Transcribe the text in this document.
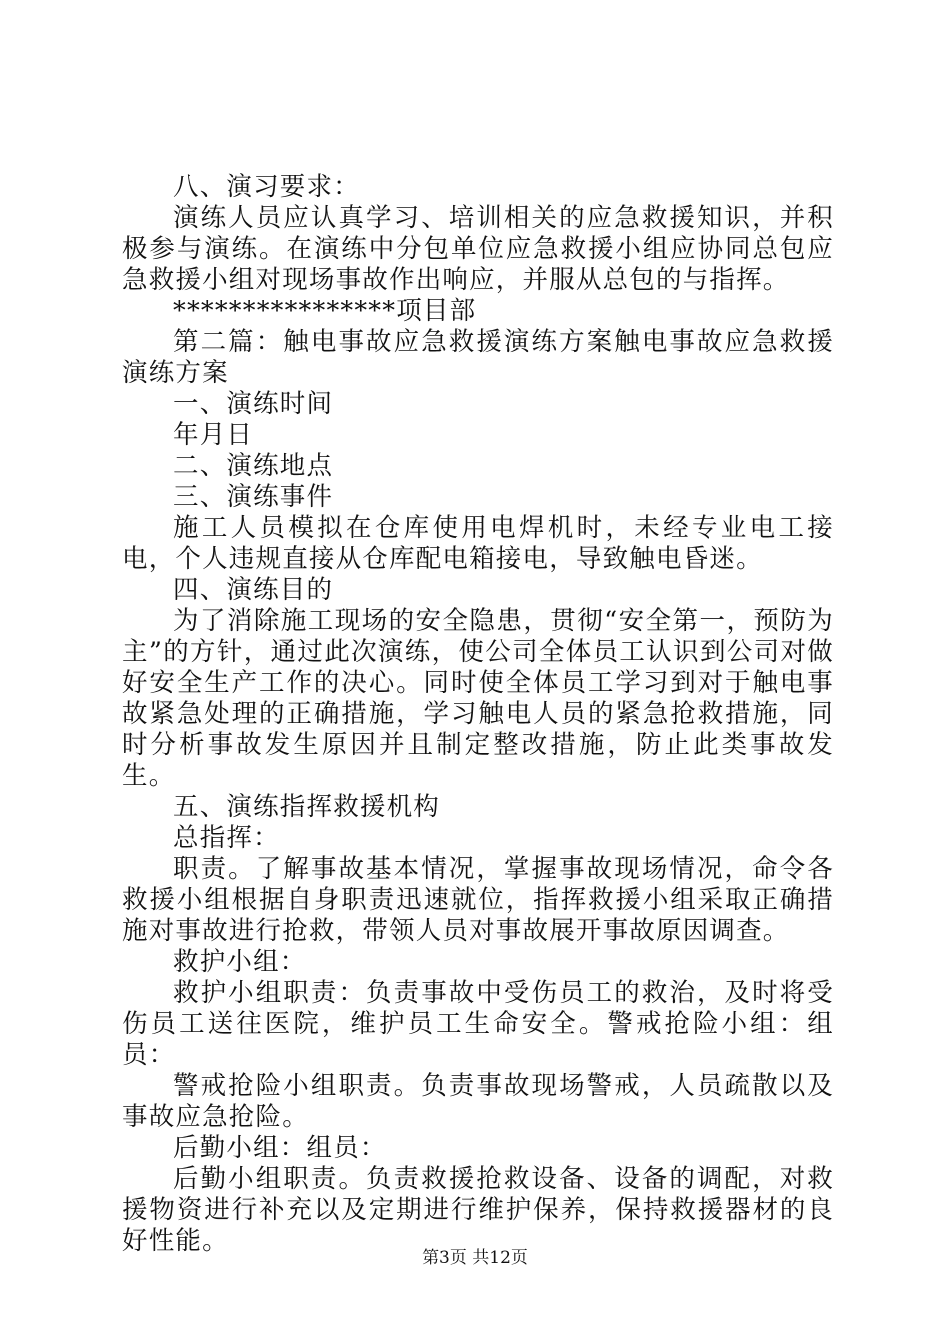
八、演习要求：

演练人员应认真学习、培训相关的应急救援知识，并积极参与演练。在演练中分包单位应急救援小组应协同总包应急救援小组对现场事故作出响应，并服从总包的与指挥。

****************项目部

第二篇：触电事故应急救援演练方案触电事故应急救援演练方案

一、演练时间

年月日

二、演练地点

三、演练事件

施工人员模拟在仓库使用电焊机时，未经专业电工接电，个人违规直接从仓库配电箱接电，导致触电昏迷。

四、演练目的

为了消除施工现场的安全隐患，贯彻“安全第一，预防为主”的方针，通过此次演练，使公司全体员工认识到公司对做好安全生产工作的决心。同时使全体员工学习到对于触电事故紧急处理的正确措施，学习触电人员的紧急抢救措施，同时分析事故发生原因并且制定整改措施，防止此类事故发生。

五、演练指挥救援机构

总指挥：

职责。了解事故基本情况，掌握事故现场情况，命令各救援小组根据自身职责迅速就位，指挥救援小组采取正确措施对事故进行抢救，带领人员对事故展开事故原因调查。

救护小组：

救护小组职责：负责事故中受伤员工的救治，及时将受伤员工送往医院，维护员工生命安全。警戒抢险小组：组员：

警戒抢险小组职责。负责事故现场警戒，人员疏散以及事故应急抢险。

后勤小组：组员：

后勤小组职责。负责救援抢救设备、设备的调配，对救援物资进行补充以及定期进行维护保养，保持救援器材的良好性能。

第3页 共12页
